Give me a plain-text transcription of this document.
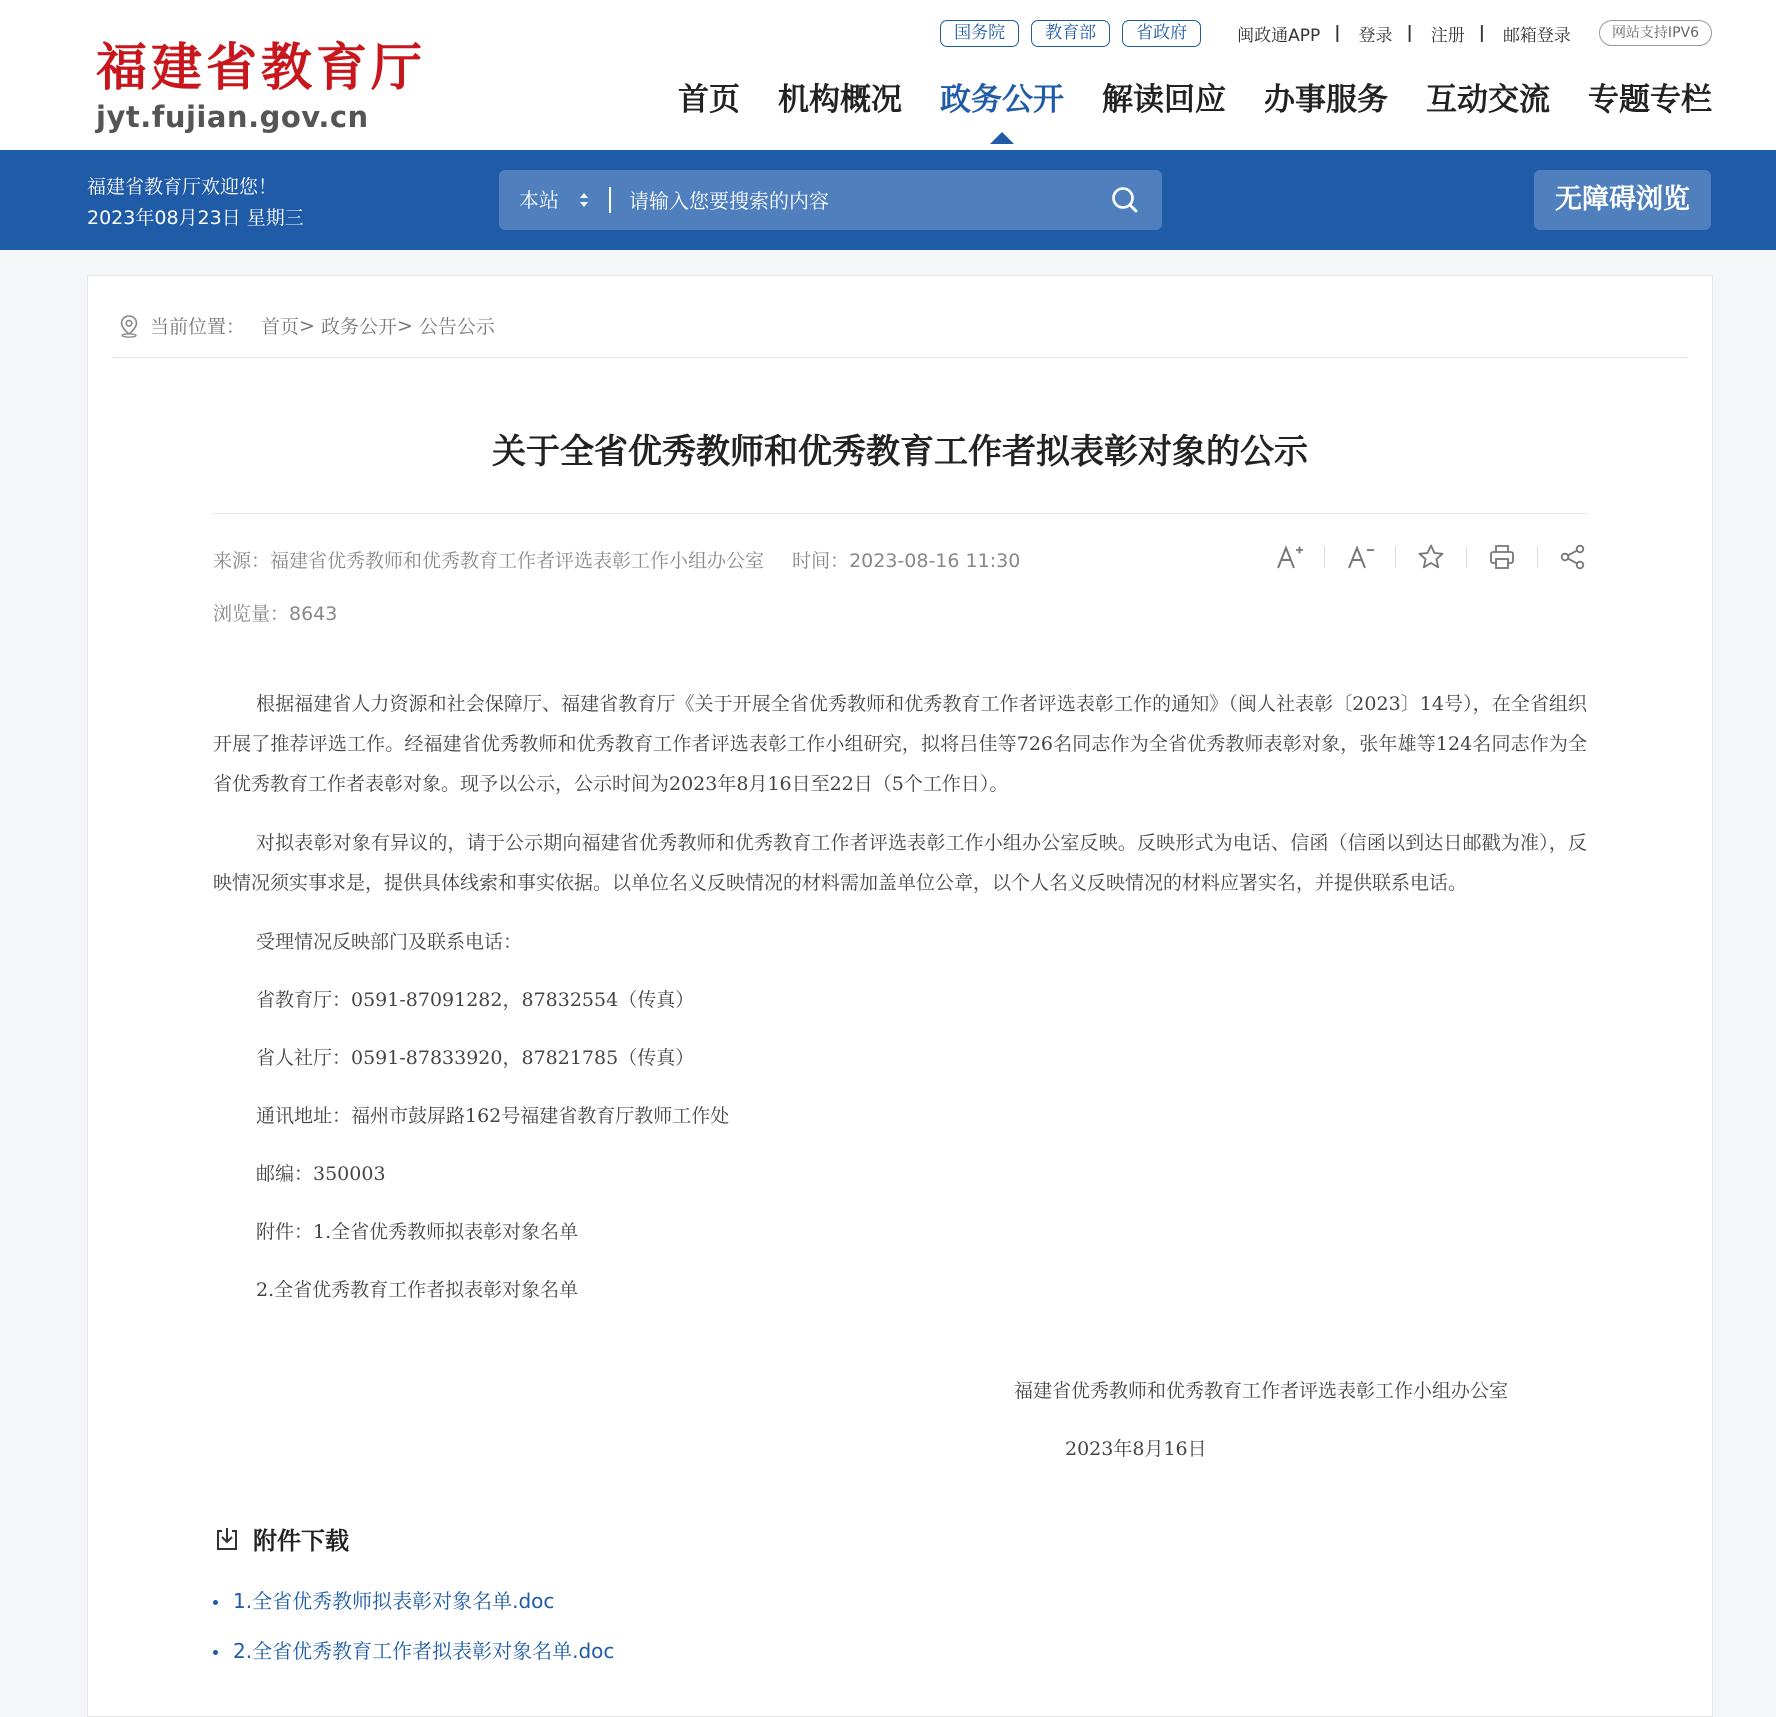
福建省教育厅
jyt.fujian.gov.cn
国务院	教育部	省政府	闽政通APP | 登录 | 注册 | 邮箱登录	网站支持IPV6
首页 机构概况 政务公开 解读回应 办事服务 互动交流 专题专栏
福建省教育厅欢迎您！
2023年08月23日 星期三
本站
请输入您要搜索的内容	无障碍浏览
当前位置： 首页 > 政务公开 > 公告公示
关于全省优秀教师和优秀教育工作者拟表彰对象的公示
来源：福建省优秀教师和优秀教育工作者评选表彰工作小组办公室 时间：2023-08-16 11:30
浏览量：8643

根据福建省人力资源和社会保障厅、福建省教育厅《关于开展全省优秀教师和优秀教育工作者评选表彰工作的通知》（闽人社表彰〔2023〕14号），在全省组织开展了推荐评选工作。经福建省优秀教师和优秀教育工作者评选表彰工作小组研究，拟将吕佳等726名同志作为全省优秀教师表彰对象，张年雄等124名同志作为全省优秀教育工作者表彰对象。现予以公示，公示时间为2023年8月16日至22日（5个工作日）。

对拟表彰对象有异议的，请于公示期向福建省优秀教师和优秀教育工作者评选表彰工作小组办公室反映。反映形式为电话、信函（信函以到达日邮戳为准），反映情况须实事求是，提供具体线索和事实依据。以单位名义反映情况的材料需加盖单位公章，以个人名义反映情况的材料应署实名，并提供联系电话。

受理情况反映部门及联系电话：

省教育厅：0591-87091282，87832554（传真）

省人社厅：0591-87833920，87821785（传真）

通讯地址：福州市鼓屏路162号福建省教育厅教师工作处

邮编：350003

附件：1.全省优秀教师拟表彰对象名单

2.全省优秀教育工作者拟表彰对象名单

福建省优秀教师和优秀教育工作者评选表彰工作小组办公室
2023年8月16日
附件下载
1.全省优秀教师拟表彰对象名单.doc
2.全省优秀教育工作者拟表彰对象名单.doc
